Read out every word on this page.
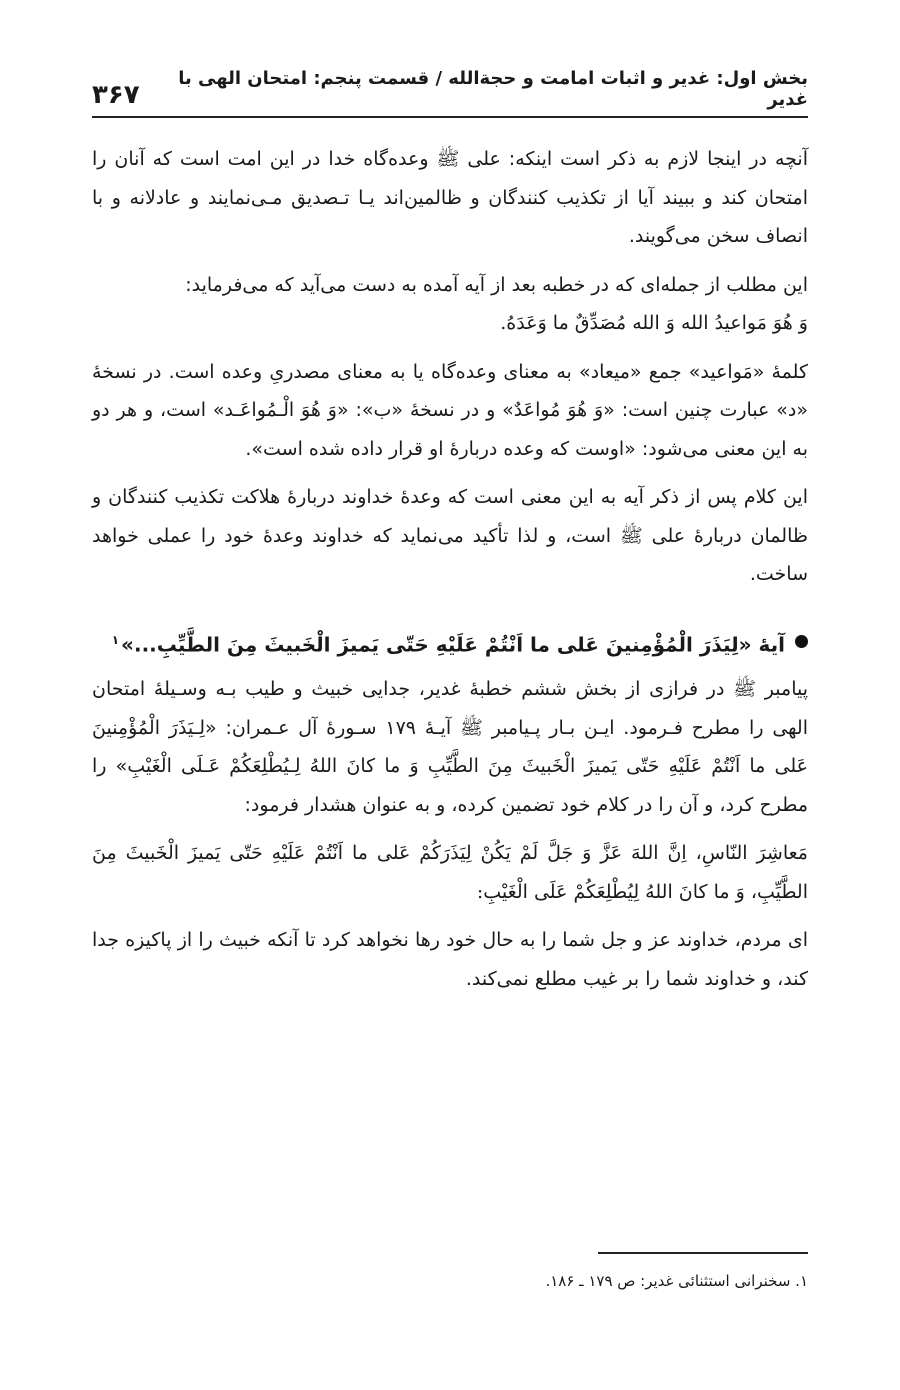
بخش اول: غدیر و اثبات امامت و حجةالله / قسمت پنجم: امتحان الهی با غدیر
۳۶۷

آنچه در اینجا لازم به ذکر است اینکه: علی ﷺ وعده‌گاه خدا در این امت است که آنان را امتحان کند و ببیند آیا از تکذیب کنندگان و ظالمین‌اند یـا تـصدیق مـی‌نمایند و عادلانه و با انصاف سخن می‌گویند.

این مطلب از جمله‌ای که در خطبه بعد از آیه آمده به دست می‌آید که می‌فرماید:

وَ هُوَ مَواعیدُ الله وَ الله مُصَدِّقٌ ما وَعَدَهُ.

کلمهٔ «مَواعید» جمع «میعاد» به معنای وعده‌گاه یا به معنای مصدریِ وعده است. در نسخهٔ «د» عبارت چنین است: «وَ هُوَ مُواعَدٌ» و در نسخهٔ «ب»: «وَ هُوَ الْـمُواعَـد» است، و هر دو به این معنی می‌شود: «اوست که وعده دربارهٔ او قرار داده شده است».

این کلام پس از ذکر آیه به این معنی است که وعدهٔ خداوند دربارهٔ هلاکت تکذیب کنندگان و ظالمان دربارهٔ علی ﷺ است، و لذا تأکید می‌نماید که خداوند وعدهٔ خود را عملی خواهد ساخت.

آیهٔ «لِیَذَرَ الْمُؤْمِنینَ عَلی ما اَنْتُمْ عَلَیْهِ حَتّی یَمیزَ الْخَبیثَ مِنَ الطَّیِّبِ...»$^۱$

پیامبر ﷺ در فرازی از بخش ششم خطبهٔ غدیر، جدایی خبیث و طیب بـه وسـیلهٔ امتحان الهی را مطرح فـرمود. ایـن بـار پـیامبر ﷺ آیـهٔ ۱۷۹ سـورهٔ آل عـمران: «لِـیَذَرَ الْمُؤْمِنینَ عَلی ما اَنْتُمْ عَلَیْهِ حَتّی یَمیزَ الْخَبیثَ مِنَ الطَّیِّبِ وَ ما کانَ اللهُ لِـیُطْلِعَکُمْ عَـلَی الْغَیْبِ» را مطرح کرد، و آن را در کلام خود تضمین کرده، و به عنوان هشدار فرمود:

مَعاشِرَ النّاسِ، اِنَّ اللهَ عَزَّ وَ جَلَّ لَمْ یَکُنْ لِیَذَرَکُمْ عَلی ما اَنْتُمْ عَلَیْهِ حَتّی یَمیزَ الْخَبیثَ مِنَ الطَّیِّبِ، وَ ما کانَ اللهُ لِیُطْلِعَکُمْ عَلَی الْغَیْبِ:

ای مردم، خداوند عز و جل شما را به حال خود رها نخواهد کرد تا آنکه خبیث را از پاکیزه جدا کند، و خداوند شما را بر غیب مطلع نمی‌کند.

۱. سخنرانی استثنائی غدیر: ص ۱۷۹ ـ ۱۸۶.
